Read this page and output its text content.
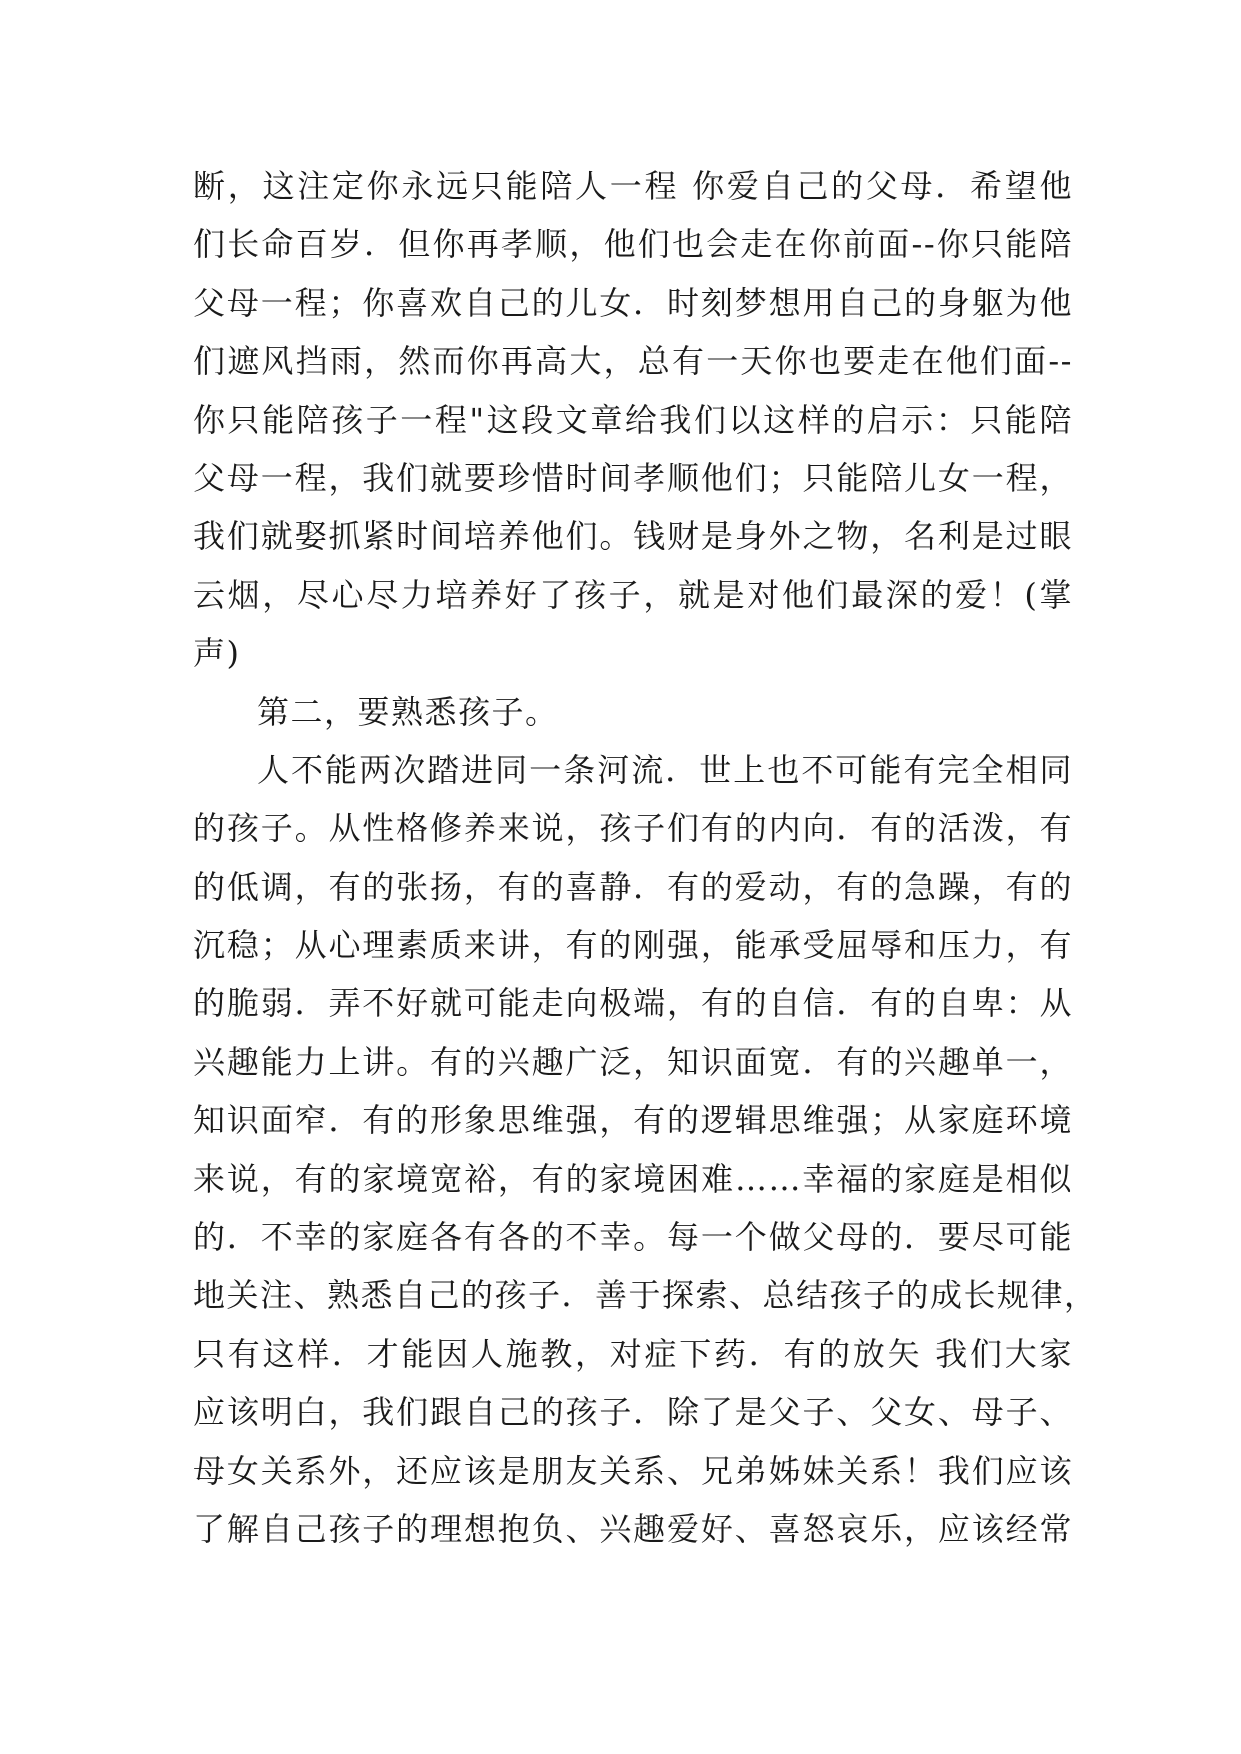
断，这注定你永远只能陪人一程 你爱自己的父母．希望他
们长命百岁．但你再孝顺，他们也会走在你前面--你只能陪
父母一程；你喜欢自己的儿女．时刻梦想用自己的身躯为他
们遮风挡雨，然而你再高大，总有一天你也要走在他们面--
你只能陪孩子一程"这段文章给我们以这样的启示：只能陪
父母一程，我们就要珍惜时间孝顺他们；只能陪儿女一程，
我们就娶抓紧时间培养他们。钱财是身外之物，名利是过眼
云烟，尽心尽力培养好了孩子，就是对他们最深的爱！(掌
声)
第二，要熟悉孩子。
人不能两次踏进同一条河流．世上也不可能有完全相同
的孩子。从性格修养来说，孩子们有的内向．有的活泼，有
的低调，有的张扬，有的喜静．有的爱动，有的急躁，有的
沉稳；从心理素质来讲，有的刚强，能承受屈辱和压力，有
的脆弱．弄不好就可能走向极端，有的自信．有的自卑：从
兴趣能力上讲。有的兴趣广泛，知识面宽．有的兴趣单一，
知识面窄．有的形象思维强，有的逻辑思维强；从家庭环境
来说，有的家境宽裕，有的家境困难……幸福的家庭是相似
的．不幸的家庭各有各的不幸。每一个做父母的．要尽可能
地关注、熟悉自己的孩子．善于探索、总结孩子的成长规律，
只有这样．才能因人施教，对症下药．有的放矢 我们大家
应该明白，我们跟自己的孩子．除了是父子、父女、母子、
母女关系外，还应该是朋友关系、兄弟姊妹关系！我们应该
了解自己孩子的理想抱负、兴趣爱好、喜怒哀乐，应该经常
